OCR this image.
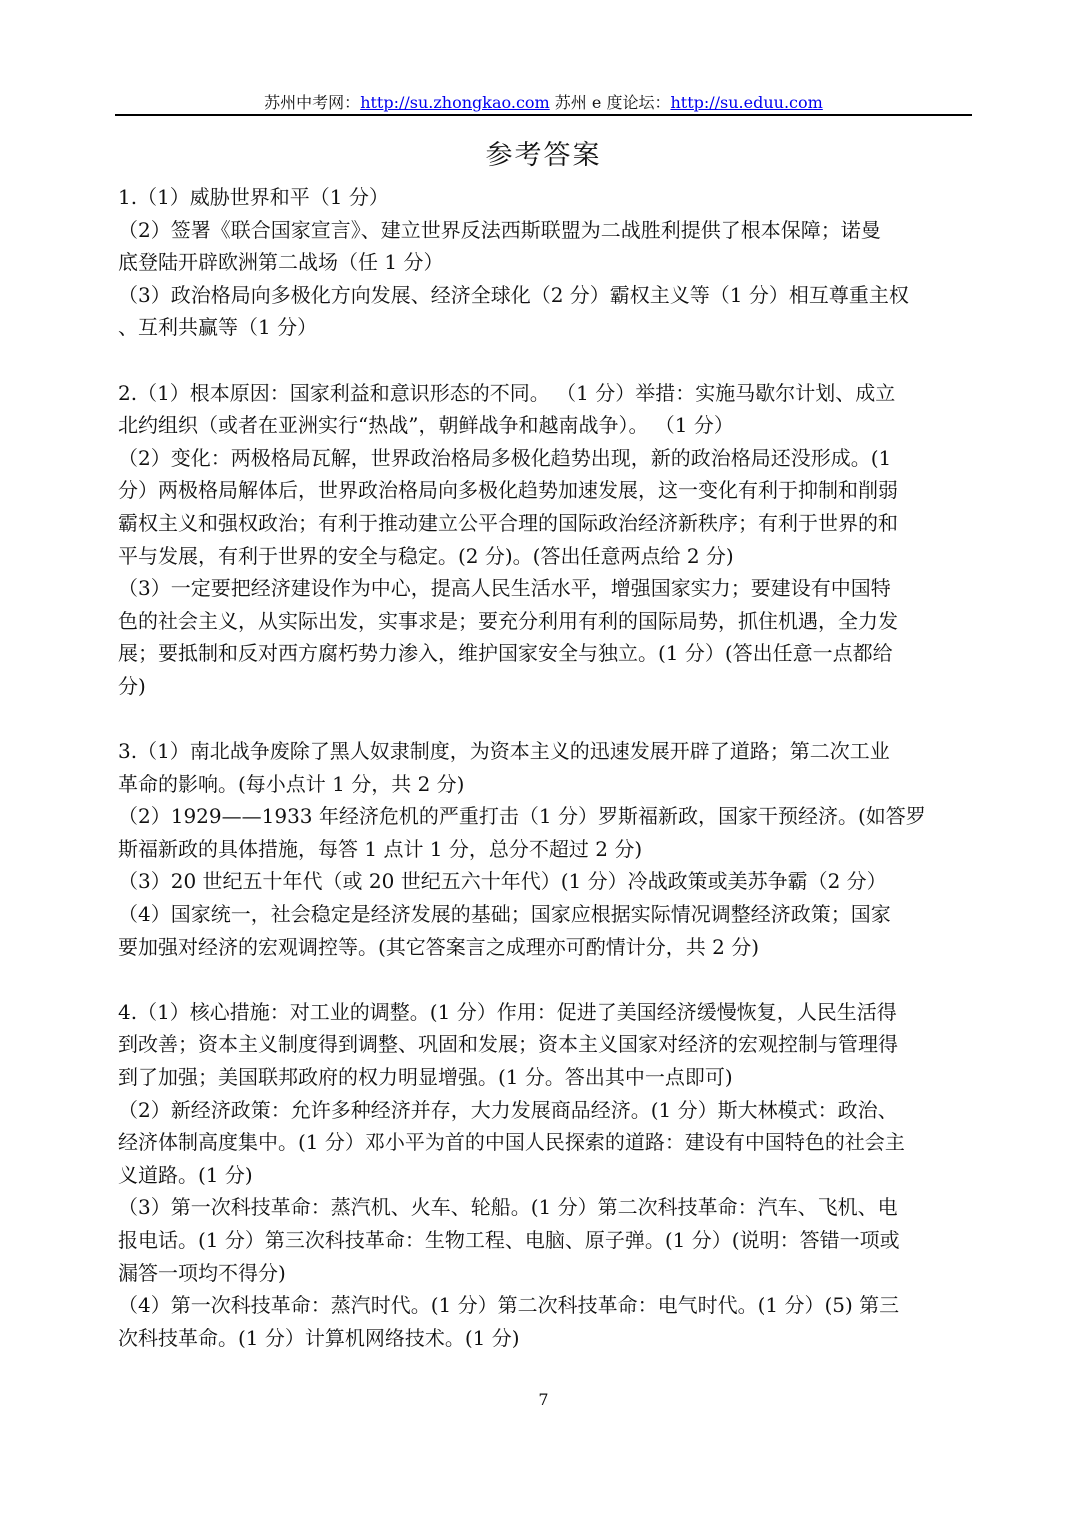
苏州中考网：http://su.zhongkao.com 苏州 e 度论坛：http://su.eduu.com
参考答案
1.（1）威胁世界和平（1 分）
（2）签署《联合国家宣言》、建立世界反法西斯联盟为二战胜利提供了根本保障；诺曼
底登陆开辟欧洲第二战场（任 1 分）
（3）政治格局向多极化方向发展、经济全球化（2 分）霸权主义等（1 分）相互尊重主权
、互利共赢等（1 分）
2.（1）根本原因：国家利益和意识形态的不同。 （1 分）举措：实施马歇尔计划、成立
北约组织（或者在亚洲实行“热战”，朝鲜战争和越南战争）。 （1 分）
（2）变化：两极格局瓦解，世界政治格局多极化趋势出现，新的政治格局还没形成。(1
分）两极格局解体后，世界政治格局向多极化趋势加速发展，这一变化有利于抑制和削弱
霸权主义和强权政治；有利于推动建立公平合理的国际政治经济新秩序；有利于世界的和
平与发展，有利于世界的安全与稳定。(2 分)。(答出任意两点给 2 分)
（3）一定要把经济建设作为中心，提高人民生活水平，增强国家实力；要建设有中国特
色的社会主义，从实际出发，实事求是；要充分利用有利的国际局势，抓住机遇，全力发
展；要抵制和反对西方腐朽势力渗入，维护国家安全与独立。(1 分）(答出任意一点都给
分)
3.（1）南北战争废除了黑人奴隶制度，为资本主义的迅速发展开辟了道路；第二次工业
革命的影响。(每小点计 1 分，共 2 分)
（2）1929——1933 年经济危机的严重打击（1 分）罗斯福新政，国家干预经济。(如答罗
斯福新政的具体措施，每答 1 点计 1 分，总分不超过 2 分)
（3）20 世纪五十年代（或 20 世纪五六十年代）(1 分）冷战政策或美苏争霸（2 分）
（4）国家统一，社会稳定是经济发展的基础；国家应根据实际情况调整经济政策；国家
要加强对经济的宏观调控等。(其它答案言之成理亦可酌情计分，共 2 分)
4.（1）核心措施：对工业的调整。(1 分）作用：促进了美国经济缓慢恢复，人民生活得
到改善；资本主义制度得到调整、巩固和发展；资本主义国家对经济的宏观控制与管理得
到了加强；美国联邦政府的权力明显增强。(1 分。答出其中一点即可)
（2）新经济政策：允许多种经济并存，大力发展商品经济。(1 分）斯大林模式：政治、
经济体制高度集中。(1 分）邓小平为首的中国人民探索的道路：建设有中国特色的社会主
义道路。(1 分)
（3）第一次科技革命：蒸汽机、火车、轮船。(1 分）第二次科技革命：汽车、飞机、电
报电话。(1 分）第三次科技革命：生物工程、电脑、原子弹。(1 分）(说明：答错一项或
漏答一项均不得分)
（4）第一次科技革命：蒸汽时代。(1 分）第二次科技革命：电气时代。(1 分）(5) 第三
次科技革命。(1 分）计算机网络技术。(1 分)
7
